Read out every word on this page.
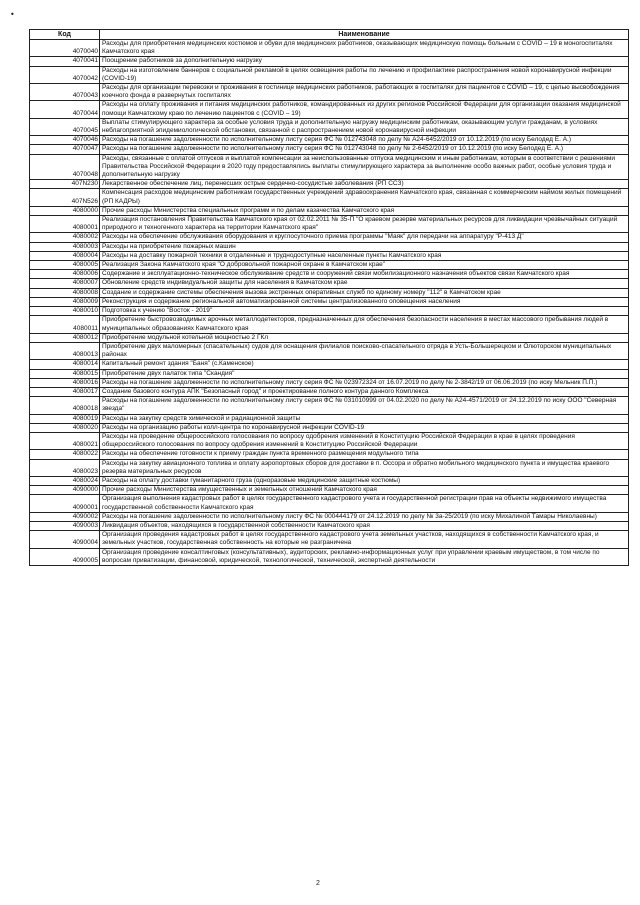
•
Код	Наименование
4070040	Расходы для приобретения медицинских костюмов и обуви для медицинских работников, оказывающих медицинскую помощь больным с COVID – 19 в моногоспиталях Камчатского края
4070041	Поощрение работников за дополнительную нагрузку
4070042	Расходы на изготовление баннеров с социальной рекламой в целях освещения работы по лечению и профилактике распространения новой коронавирусной инфекции (COVID-19)
4070043	Расходы для организации перевозки и проживания в гостинице медицинских работников, работающих в госпиталях для пациентов с COVID – 19, с целью высвобождения коечного фонда в развернутых госпиталях
4070044	Расходы на оплату проживания и питания медицинских работников, командированных из других регионов Российской Федерации для организации оказания медицинской помощи Камчатскому краю по лечению пациентов с (COVID – 19)
4070045	Выплаты стимулирующего характера за особые условия труда и дополнительную нагрузку медицинским работникам, оказывающим услуги гражданам, в условиях неблагоприятной эпидемиологической обстановки, связанной с распространением новой коронавирусной инфекции
4070046	Расходы на погашение задолженности по исполнительному листу серия ФС № 012743048 по делу № А24-6452/2019 от 10.12.2019 (по иску Белодед Е. А.)
4070047	Расходы на погашение задолженности по исполнительному листу серия ФС № 012743048 по делу № 2-6452/2019 от 10.12.2019 (по иску Белодед Е. А.)
4070048	Расходы, связанные с оплатой отпусков и выплатой компенсации за неиспользованные отпуска медицинским и иным работникам, которым в соответствии с решениями Правительства Российской Федерации в 2020 году предоставлялись выплаты стимулирующего характера за выполнение особо важных работ, особые условия труда и дополнительную нагрузку
407N230	Лекарственное обеспечение лиц, перенесших острые сердечно-сосудистые заболевания (РП ССЗ)
407N526	Компенсация расходов медицинским работникам государственных учреждений здравоохранения Камчатского края, связанная с коммерческим наймом жилых помещений (РП КАДРЫ)
4080000	Прочие расходы Министерства специальных программ и по делам казачества Камчатского края
4080001	Реализация постановления Правительства Камчатского края от 02.02.2011 № 35-П "О краевом резерве материальных ресурсов для ликвидации чрезвычайных ситуаций природного и техногенного характера на территории Камчатского края"
4080002	Расходы на обеспечение обслуживания оборудования и круглосуточного приема программы "Маяк" для передачи на аппаратуру "Р-413 Д"
4080003	Расходы на приобретение пожарных машин
4080004	Расходы на доставку пожарной техники в отдаленные и труднодоступные населенные пункты Камчатского края
4080005	Реализация Закона Камчатского края "О добровольной пожарной охране в Камчатском крае"
4080006	Содержание и эксплуатационно-техническое обслуживание средств и сооружений связи мобилизационного назначения объектов связи Камчатского края
4080007	Обновление средств индивидуальной защиты для населения в Камчатском крае
4080008	Создание и содержание системы обеспечения вызова экстренных оперативных служб по единому номеру "112" в Камчатском крае
4080009	Реконструкция и содержание региональной автоматизированной системы централизованного оповещения населения
4080010	Подготовка к учению "Восток - 2019"
4080011	Приобретение быстровозводимых арочных металлодетекторов, предназначенных для обеспечения безопасности населения в местах массового пребывания людей в муниципальных образованиях Камчатского края
4080012	Приобретение модульной котельной мощностью 2 ГКл
4080013	Приобретение двух маломерных (спасательных) судов для оснащения филиалов поисково-спасательного отряда в Усть-Большерецком и Олюторском муниципальных районах
4080014	Капитальный ремонт здания "Баня" (с.Каменское)
4080015	Приобретение двух палаток типа "Скандия"
4080016	Расходы на погашение задолженности по исполнительному листу серия ФС № 023972324 от 16.07.2019 по делу № 2-3842/19 от 06.06.2019 (по иску Мельник П.П.)
4080017	Создание базового контура АПК "Безопасный город" и проектирование полного контура данного Комплекса
4080018	Расходы на погашение задолженности по исполнительному листу серия ФС № 031010999 от 04.02.2020 по делу № А24-4571/2019 от 24.12.2019 по иску ООО "Северная звезда"
4080019	Расходы на закупку средств химической и радиационной защиты
4080020	Расходы на организацию работы колл-центра по коронавирусной инфекции COVID-19
4080021	Расходы на проведение общероссийского голосования по вопросу одобрения изменений в Конституцию Российской Федерации в крае в целях проведения общероссийского голосования по вопросу одобрения изменений в Конституцию Российской Федерации
4080022	Расходы на обеспечение готовности к приему граждан пункта временного размещения модульного типа
4080023	Расходы на закупку авиационного топлива и оплату аэропортовых сборов для доставки в п. Оссора и обратно мобильного медицинского пункта и имущества краевого резерва материальных ресурсов
4080024	Расходы на оплату доставки гуманитарного груза (одноразовые медицинские защитные костюмы)
4090000	Прочие расходы Министерства имущественных и земельных отношений Камчатского края
4090001	Организация выполнения кадастровых работ в целях государственного кадастрового учета и государственной регистрации прав на объекты недвижимого имущества государственной собственности Камчатского края
4090002	Расходы на погашение задолженности по исполнительному листу ФС № 000444179 от 24.12.2019 по делу № 3а-25/2019 (по иску Михалиной Тамары Николаевны)
4090003	Ликвидация объектов, находящихся в государственной собственности Камчатского края
4090004	Организация проведения кадастровых работ в целях государственного кадастрового учета земельных участков, находящихся в собственности Камчатского края, и земельных участков, государственная собственность на которые не разграничена
4090005	Организация проведение консалтинговых (консультативных), аудиторских, рекламно-информационных услуг при управлении краевым имуществом, в том числе по вопросам приватизации, финансовой, юридической, технологической, технической, экспертной деятельности
2
